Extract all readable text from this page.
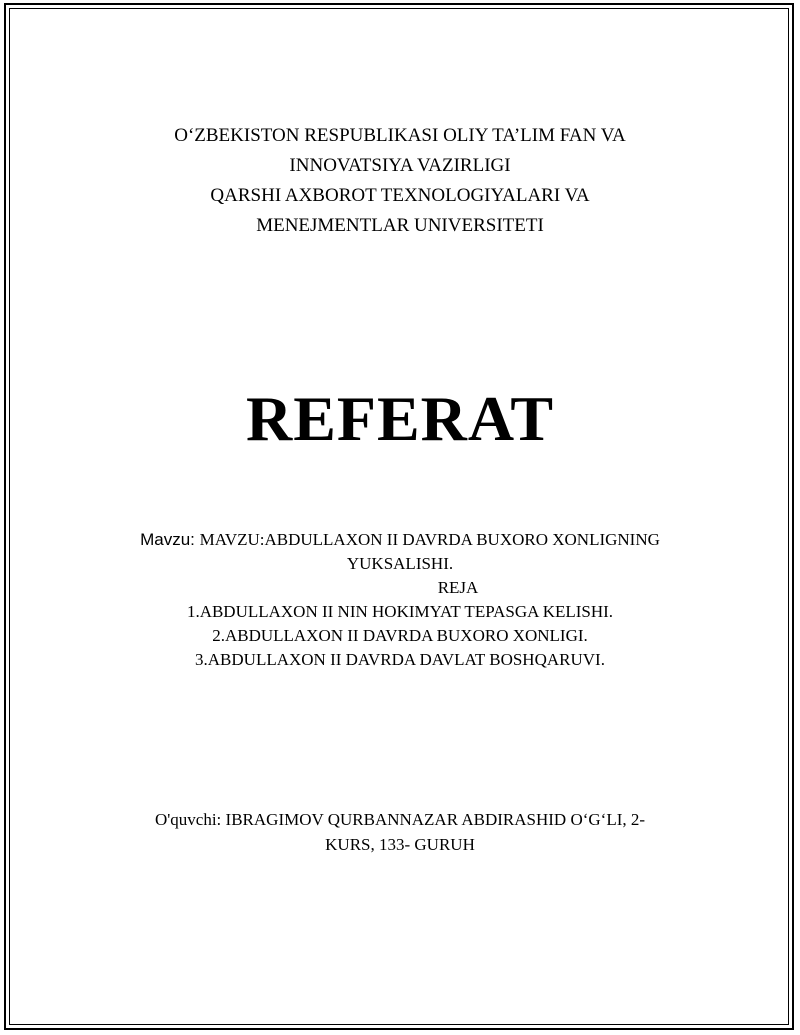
O‘ZBEKISTON RESPUBLIKASI OLIY TA’LIM FAN VA
INNOVATSIYA VAZIRLIGI
QARSHI AXBOROT TEXNOLOGIYALARI VA
MENEJMENTLAR UNIVERSITETI
REFERAT
Mavzu: MAVZU:ABDULLAXON II DAVRDA BUXORO XONLIGNING
YUKSALISHI.
REJA
1.ABDULLAXON II NIN HOKIMYAT TEPASGA KELISHI.
2.ABDULLAXON II DAVRDA BUXORO XONLIGI.
3.ABDULLAXON II DAVRDA DAVLAT BOSHQARUVI.
O'quvchi: IBRAGIMOV QURBANNAZAR ABDIRASHID O‘G‘LI, 2-
KURS, 133- GURUH
